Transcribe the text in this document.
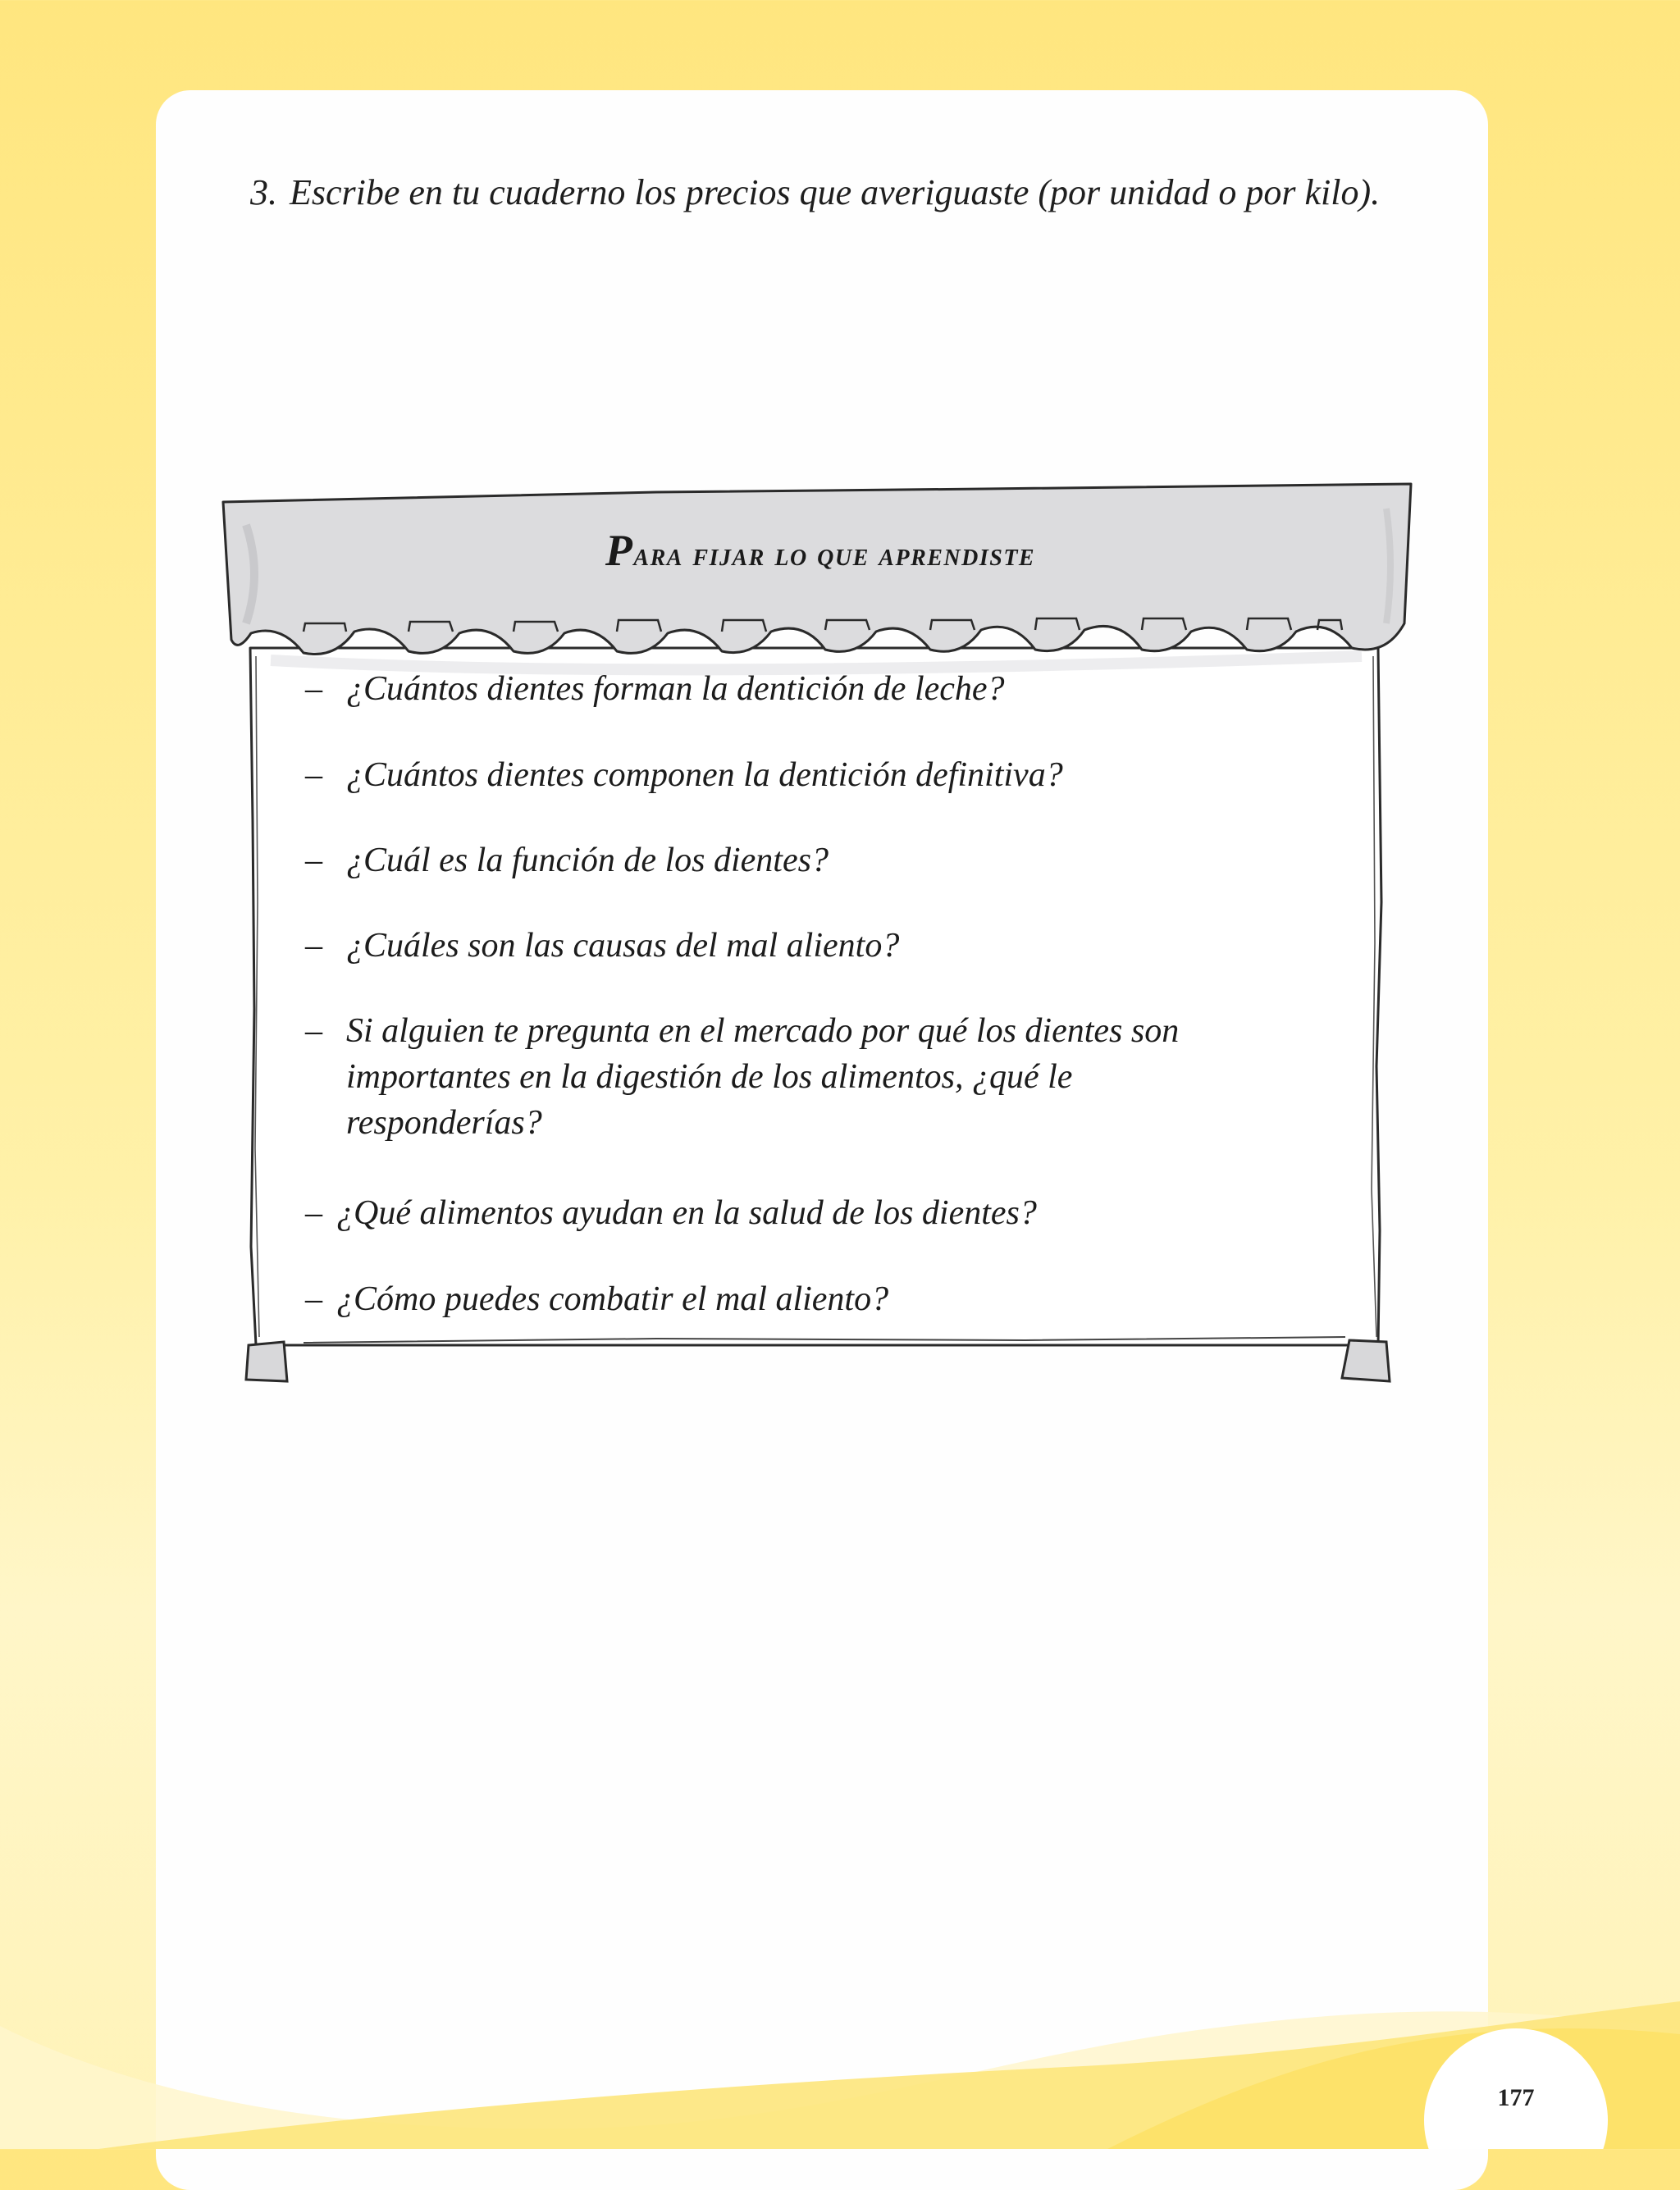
3. Escribe en tu cuaderno los precios que averiguaste (por unidad o por kilo).
Para fijar lo que aprendiste
– ¿Cuántos dientes forman la dentición de leche?
– ¿Cuántos dientes componen la dentición definitiva?
– ¿Cuál es la función de los dientes?
– ¿Cuáles son las causas del mal aliento?
– Si alguien te pregunta en el mercado por qué los dientes son importantes en la digestión de los alimentos, ¿qué le responderías?
– ¿Qué alimentos ayudan en la salud de los dientes?
– ¿Cómo puedes combatir el mal aliento?
177
